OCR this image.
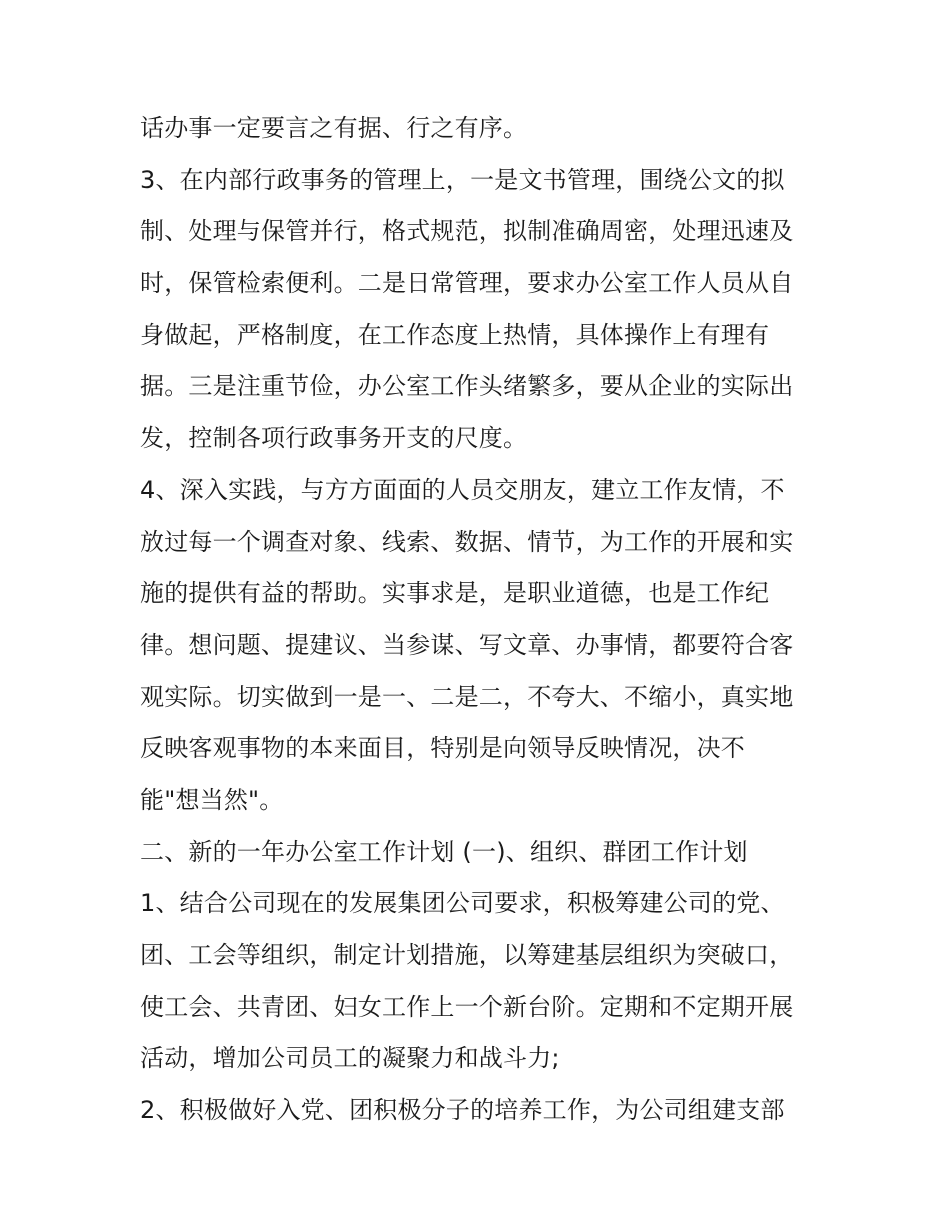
话办事一定要言之有据、行之有序。
3、在内部行政事务的管理上，一是文书管理，围绕公文的拟
制、处理与保管并行，格式规范，拟制准确周密，处理迅速及
时，保管检索便利。二是日常管理，要求办公室工作人员从自
身做起，严格制度，在工作态度上热情，具体操作上有理有
据。三是注重节俭，办公室工作头绪繁多，要从企业的实际出
发，控制各项行政事务开支的尺度。
4、深入实践，与方方面面的人员交朋友，建立工作友情，不
放过每一个调查对象、线索、数据、情节，为工作的开展和实
施的提供有益的帮助。实事求是，是职业道德，也是工作纪
律。想问题、提建议、当参谋、写文章、办事情，都要符合客
观实际。切实做到一是一、二是二，不夸大、不缩小，真实地
反映客观事物的本来面目，特别是向领导反映情况，决不
能"想当然"。
二、新的一年办公室工作计划 (一)、组织、群团工作计划
1、结合公司现在的发展集团公司要求，积极筹建公司的党、
团、工会等组织，制定计划措施，以筹建基层组织为突破口，
使工会、共青团、妇女工作上一个新台阶。定期和不定期开展
活动，增加公司员工的凝聚力和战斗力;
2、积极做好入党、团积极分子的培养工作，为公司组建支部
